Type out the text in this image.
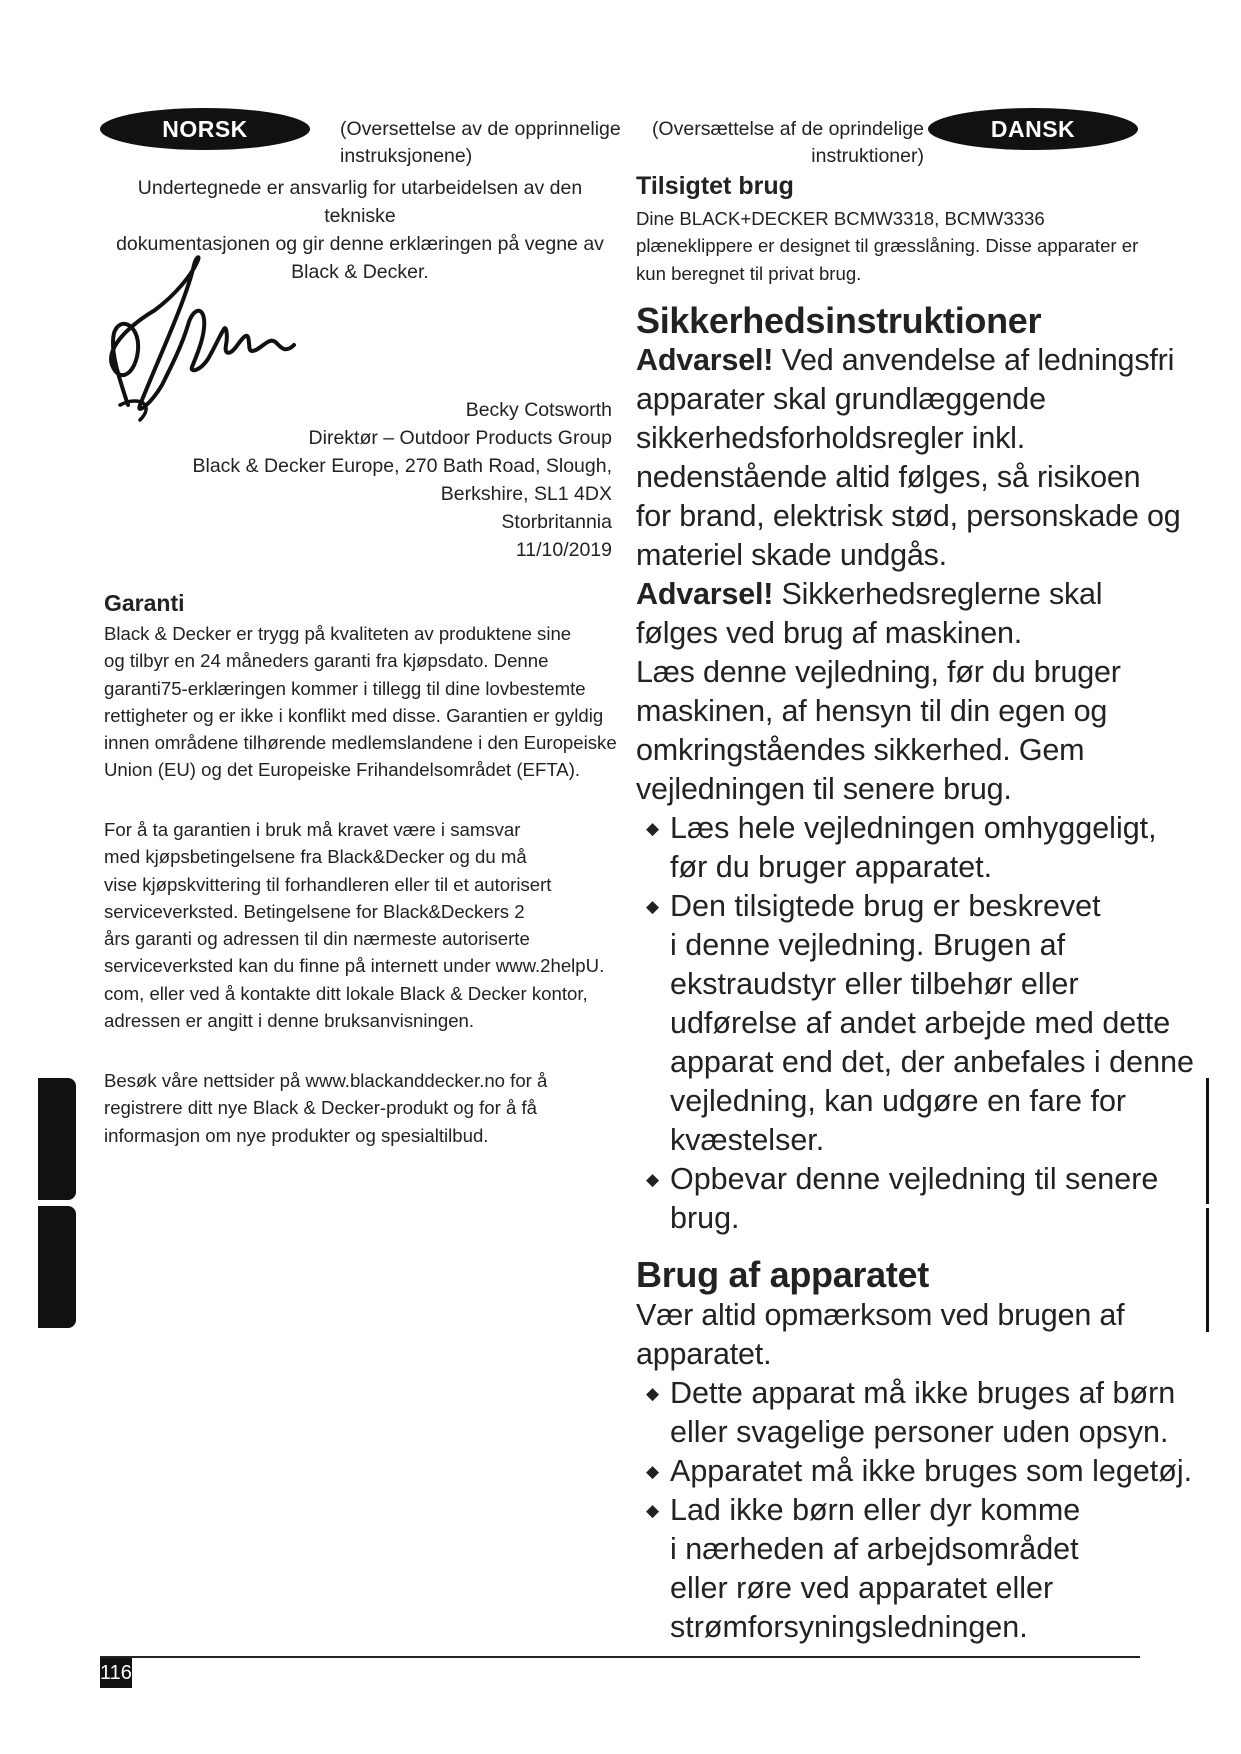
NORSK	DANSK
(Oversettelse av de opprinnelige
instruksjonene)
Undertegnede er ansvarlig for utarbeidelsen av den tekniske
dokumentasjonen og gir denne erklæringen på vegne av
Black & Decker.
Becky Cotsworth
Direktør – Outdoor Products Group
Black & Decker Europe, 270 Bath Road, Slough,
Berkshire, SL1 4DX
Storbritannia
11/10/2019
Garanti
Black & Decker er trygg på kvaliteten av produktene sine
og tilbyr en 24 måneders garanti fra kjøpsdato. Denne
garanti75-erklæringen kommer i tillegg til dine lovbestemte
rettigheter og er ikke i konflikt med disse. Garantien er gyldig
innen områdene tilhørende medlemslandene i den Europeiske
Union (EU) og det Europeiske Frihandelsområdet (EFTA).
For å ta garantien i bruk må kravet være i samsvar
med kjøpsbetingelsene fra Black&Decker og du må
vise kjøpskvittering til forhandleren eller til et autorisert
serviceverksted. Betingelsene for Black&Deckers 2
års garanti og adressen til din nærmeste autoriserte
serviceverksted kan du finne på internett under www.2helpU.
com, eller ved å kontakte ditt lokale Black & Decker kontor,
adressen er angitt i denne bruksanvisningen.
Besøk våre nettsider på www.blackanddecker.no for å
registrere ditt nye Black & Decker-produkt og for å få
informasjon om nye produkter og spesialtilbud.
(Oversættelse af de oprindelige
instruktioner)
Tilsigtet brug
Dine BLACK+DECKER BCMW3318, BCMW3336
plæneklippere er designet til græsslåning. Disse apparater er
kun beregnet til privat brug.
Sikkerhedsinstruktioner
Advarsel! Ved anvendelse af ledningsfri
apparater skal grundlæggende
sikkerhedsforholdsregler inkl.
nedenstående altid følges, så risikoen
for brand, elektrisk stød, personskade og
materiel skade undgås.
Advarsel! Sikkerhedsreglerne skal
følges ved brug af maskinen.
Læs denne vejledning, før du bruger
maskinen, af hensyn til din egen og
omkringståendes sikkerhed. Gem
vejledningen til senere brug.
◆ Læs hele vejledningen omhyggeligt,
før du bruger apparatet.
◆ Den tilsigtede brug er beskrevet
i denne vejledning. Brugen af
ekstraudstyr eller tilbehør eller
udførelse af andet arbejde med dette
apparat end det, der anbefales i denne
vejledning, kan udgøre en fare for
kvæstelser.
◆ Opbevar denne vejledning til senere
brug.
Brug af apparatet
Vær altid opmærksom ved brugen af
apparatet.
◆ Dette apparat må ikke bruges af børn
eller svagelige personer uden opsyn.
◆ Apparatet må ikke bruges som legetøj.
◆ Lad ikke børn eller dyr komme
i nærheden af arbejdsområdet
eller røre ved apparatet eller
strømforsyningsledningen.
116
